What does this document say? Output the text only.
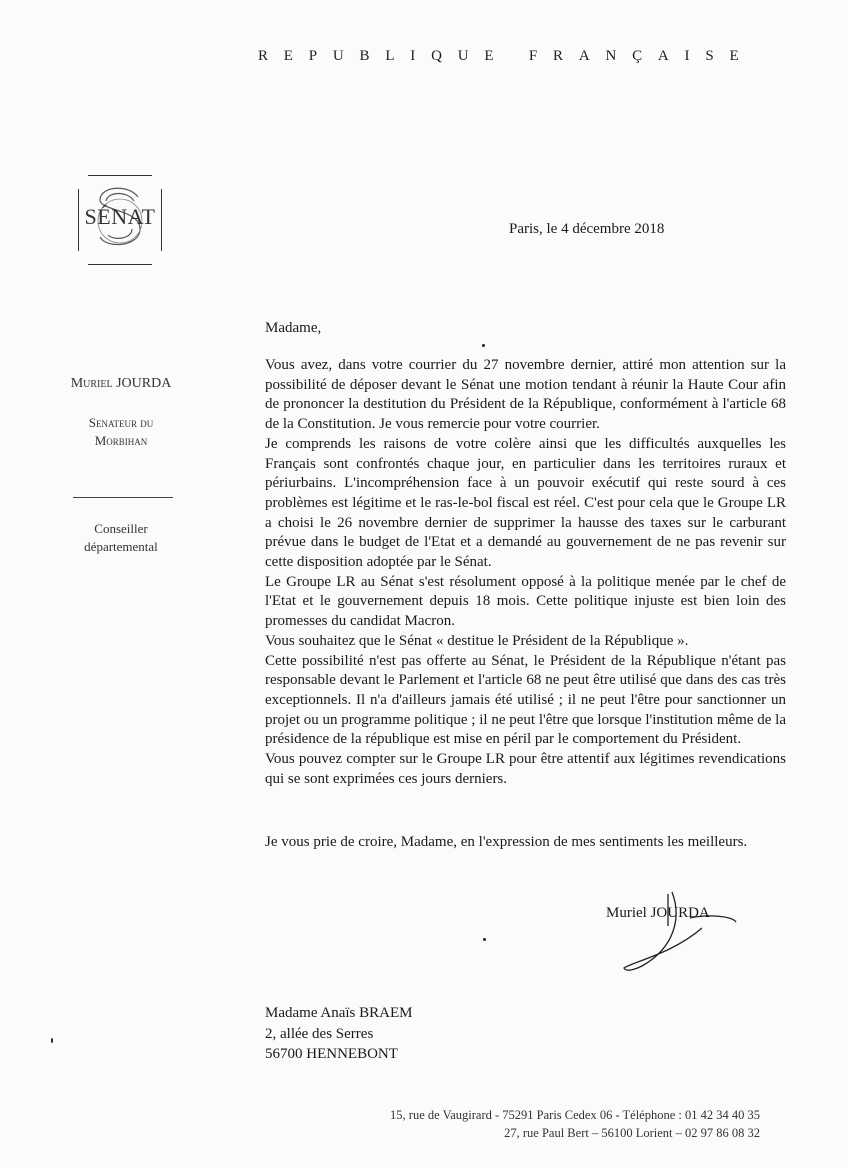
REPUBLIQUE FRANÇAISE
SÉNAT	Paris, le 4 décembre 2018
Muriel JOURDA
Senateur du
Morbihan
Conseiller
départemental
Madame,

Vous avez, dans votre courrier du 27 novembre dernier, attiré mon attention sur la possibilité de déposer devant le Sénat une motion tendant à réunir la Haute Cour afin de prononcer la destitution du Président de la République, conformément à l'article 68 de la Constitution. Je vous remercie pour votre courrier.

Je comprends les raisons de votre colère ainsi que les difficultés auxquelles les Français sont confrontés chaque jour, en particulier dans les territoires ruraux et périurbains. L'incompréhension face à un pouvoir exécutif qui reste sourd à ces problèmes est légitime et le ras-le-bol fiscal est réel. C'est pour cela que le Groupe LR a choisi le 26 novembre dernier de supprimer la hausse des taxes sur le carburant prévue dans le budget de l'Etat et a demandé au gouvernement de ne pas revenir sur cette disposition adoptée par le Sénat.

Le Groupe LR au Sénat s'est résolument opposé à la politique menée par le chef de l'Etat et le gouvernement depuis 18 mois. Cette politique injuste est bien loin des promesses du candidat Macron.

Vous souhaitez que le Sénat « destitue le Président de la République ».

Cette possibilité n'est pas offerte au Sénat, le Président de la République n'étant pas responsable devant le Parlement et l'article 68 ne peut être utilisé que dans des cas très exceptionnels. Il n'a d'ailleurs jamais été utilisé ; il ne peut l'être pour sanctionner un projet ou un programme politique ; il ne peut l'être que lorsque l'institution même de la présidence de la république est mise en péril par le comportement du Président.

Vous pouvez compter sur le Groupe LR pour être attentif aux légitimes revendications qui se sont exprimées ces jours derniers.

Je vous prie de croire, Madame, en l'expression de mes sentiments les meilleurs.
Muriel JOURDA
Madame Anaïs BRAEM
2, allée des Serres
56700 HENNEBONT
15, rue de Vaugirard - 75291 Paris Cedex 06 - Téléphone : 01 42 34 40 35
27, rue Paul Bert – 56100 Lorient – 02 97 86 08 32
